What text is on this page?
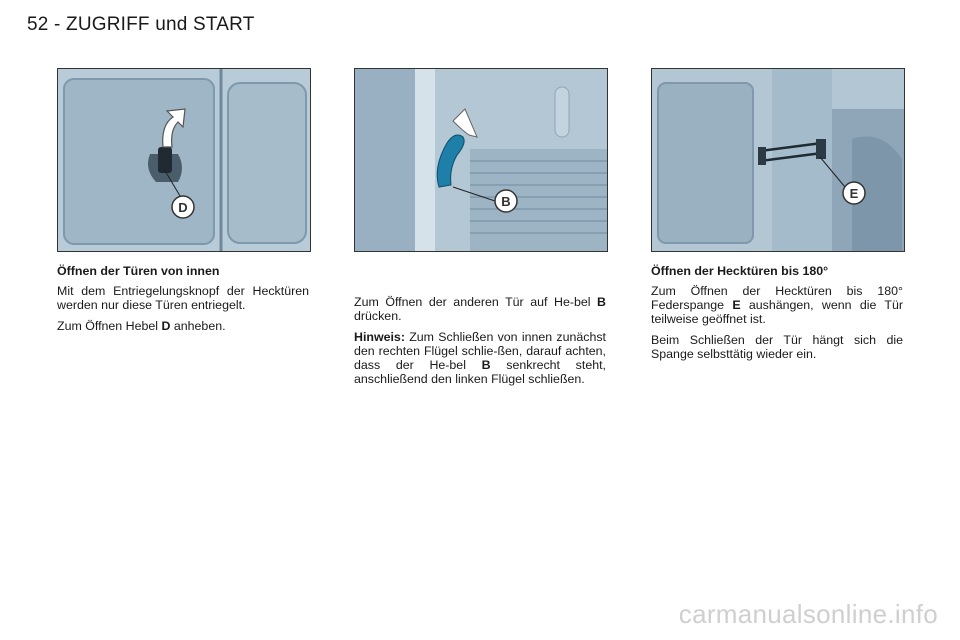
52 - ZUGRIFF und START
D	B
E
Öffnen der Türen von innen

Mit dem Entriegelungsknopf der Hecktüren werden nur diese Türen entriegelt.

Zum Öffnen Hebel D anheben.

Zum Öffnen der anderen Tür auf He-bel B drücken.

Hinweis: Zum Schließen von innen zunächst den rechten Flügel schlie-ßen, darauf achten, dass der He-bel B senkrecht steht, anschließend den linken Flügel schließen.

Öffnen der Hecktüren bis 180°

Zum Öffnen der Hecktüren bis 180° Federspange E aushängen, wenn die Tür teilweise geöffnet ist.

Beim Schließen der Tür hängt sich die Spange selbsttätig wieder ein.

carmanualsonline.info
